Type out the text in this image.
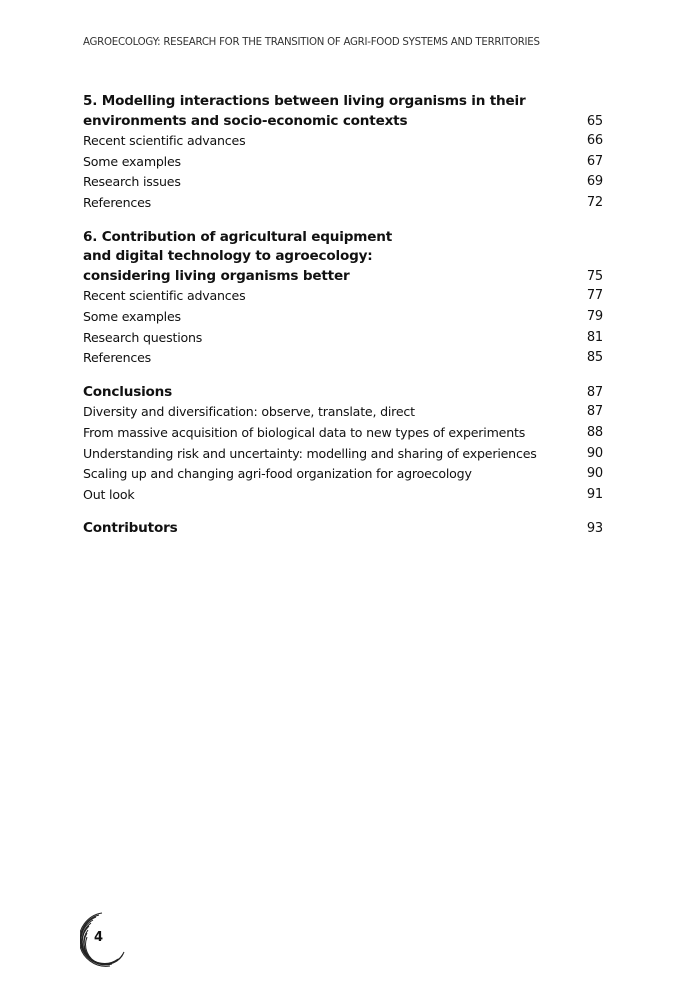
AGROECOLOGY: RESEARCH FOR THE TRANSITION OF AGRI-FOOD SYSTEMS AND TERRITORIES
5. Modelling interactions between living organisms in their
environments and socio-economic contexts	65
Recent scientific advances	66
Some examples	67
Research issues	69
References	72
6. Contribution of agricultural equipment
and digital technology to agroecology:
considering living organisms better	75
Recent scientific advances	77
Some examples	79
Research questions	81
References	85
Conclusions	87
Diversity and diversification: observe, translate, direct	87
From massive acquisition of biological data to new types of experiments	88
Understanding risk and uncertainty: modelling and sharing of experiences	90
Scaling up and changing agri-food organization for agroecology	90
Out look	91
Contributors	93
4
